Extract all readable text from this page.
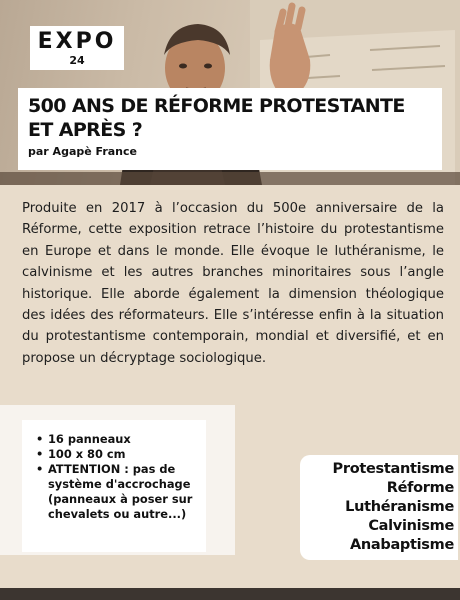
EXPO
24
500 ANS DE RÉFORME PROTESTANTE ET APRÈS ?

par Agapè France

Produite en 2017 à l’occasion du 500e anniversaire de la Réforme, cette exposition retrace l’histoire du protestantisme en Europe et dans le monde. Elle évoque le luthéranisme, le calvinisme et les autres branches minoritaires sous l’angle historique. Elle aborde également la dimension théologique des idées des réformateurs. Elle s’intéresse enfin à la situation du protestantisme contemporain, mondial et diversifié, et en propose un décryptage sociologique.

• 16 panneaux
• 100 x 80 cm
• ATTENTION : pas de système d'accrochage (panneaux à poser sur chevalets ou autre...)
Protestantisme
Réforme
Luthéranisme
Calvinisme
Anabaptisme
